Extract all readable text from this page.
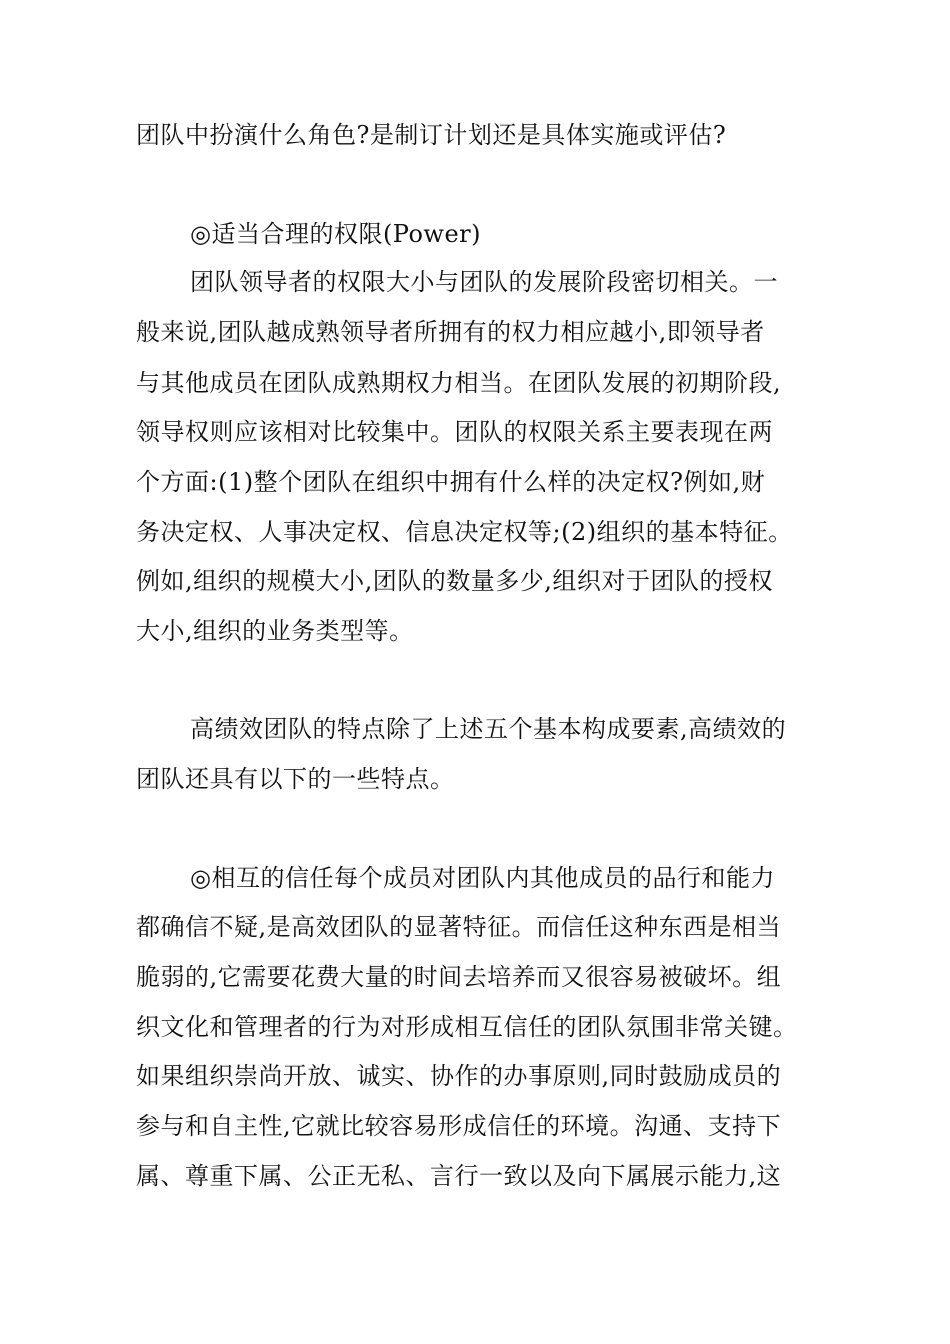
团队中扮演什么角色?是制订计划还是具体实施或评估?
◎适当合理的权限(Power)
团队领导者的权限大小与团队的发展阶段密切相关。一
般来说,团队越成熟领导者所拥有的权力相应越小,即领导者
与其他成员在团队成熟期权力相当。在团队发展的初期阶段,
领导权则应该相对比较集中。团队的权限关系主要表现在两
个方面:(1)整个团队在组织中拥有什么样的决定权?例如,财
务决定权、人事决定权、信息决定权等;(2)组织的基本特征。
例如,组织的规模大小,团队的数量多少,组织对于团队的授权
大小,组织的业务类型等。
高绩效团队的特点除了上述五个基本构成要素,高绩效的
团队还具有以下的一些特点。
◎相互的信任每个成员对团队内其他成员的品行和能力
都确信不疑,是高效团队的显著特征。而信任这种东西是相当
脆弱的,它需要花费大量的时间去培养而又很容易被破坏。组
织文化和管理者的行为对形成相互信任的团队氛围非常关键。
如果组织崇尚开放、诚实、协作的办事原则,同时鼓励成员的
参与和自主性,它就比较容易形成信任的环境。沟通、支持下
属、尊重下属、公正无私、言行一致以及向下属展示能力,这
